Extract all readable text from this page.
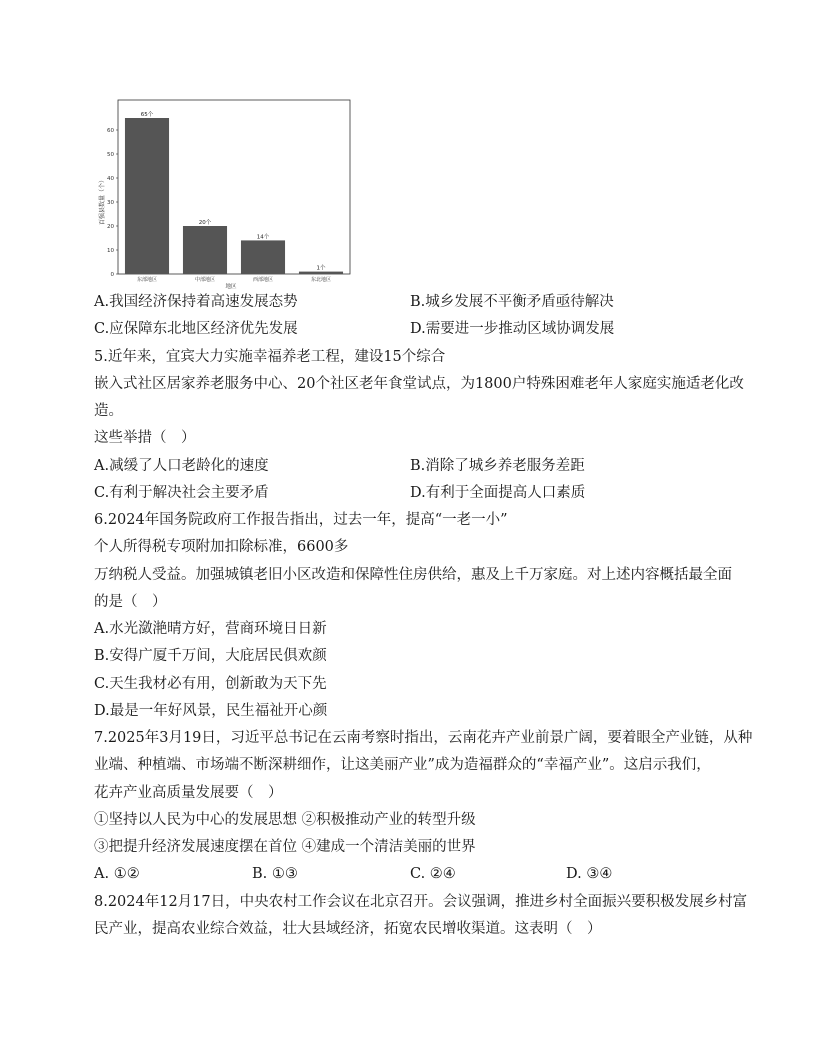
百强县数量（个）
地区
0
10
20
30
40
50
60
65个
东部地区
20个
中部地区
14个
西部地区
1个
东北地区
A.我国经济保持着高速发展态势	B.城乡发展不平衡矛盾亟待解决
C.应保障东北地区经济优先发展	D.需要进一步推动区域协调发展
5.近年来，宜宾大力实施幸福养老工程，建设15个综合
嵌入式社区居家养老服务中心、20个社区老年食堂试点，为1800户特殊困难老年人家庭实施适老化改
造。
这些举措（　）
A.减缓了人口老龄化的速度	B.消除了城乡养老服务差距
C.有利于解决社会主要矛盾	D.有利于全面提高人口素质
6.2024年国务院政府工作报告指出，过去一年，提高“一老一小”
个人所得税专项附加扣除标准，6600多
万纳税人受益。加强城镇老旧小区改造和保障性住房供给，惠及上千万家庭。对上述内容概括最全面
的是（　）
A.水光潋滟晴方好，营商环境日日新
B.安得广厦千万间，大庇居民俱欢颜
C.天生我材必有用，创新敢为天下先
D.最是一年好风景，民生福祉开心颜
7.2025年3月19日，习近平总书记在云南考察时指出，云南花卉产业前景广阔，要着眼全产业链，从种
业端、种植端、市场端不断深耕细作，让这美丽产业”成为造福群众的“幸福产业”。这启示我们，
花卉产业高质量发展要（　）
①坚持以人民为中心的发展思想 ②积极推动产业的转型升级
③把提升经济发展速度摆在首位 ④建成一个清洁美丽的世界
A. ①②	B. ①③	C. ②④	D. ③④
8.2024年12月17日，中央农村工作会议在北京召开。会议强调，推进乡村全面振兴要积极发展乡村富
民产业，提高农业综合效益，壮大县域经济，拓宽农民增收渠道。这表明（　）
